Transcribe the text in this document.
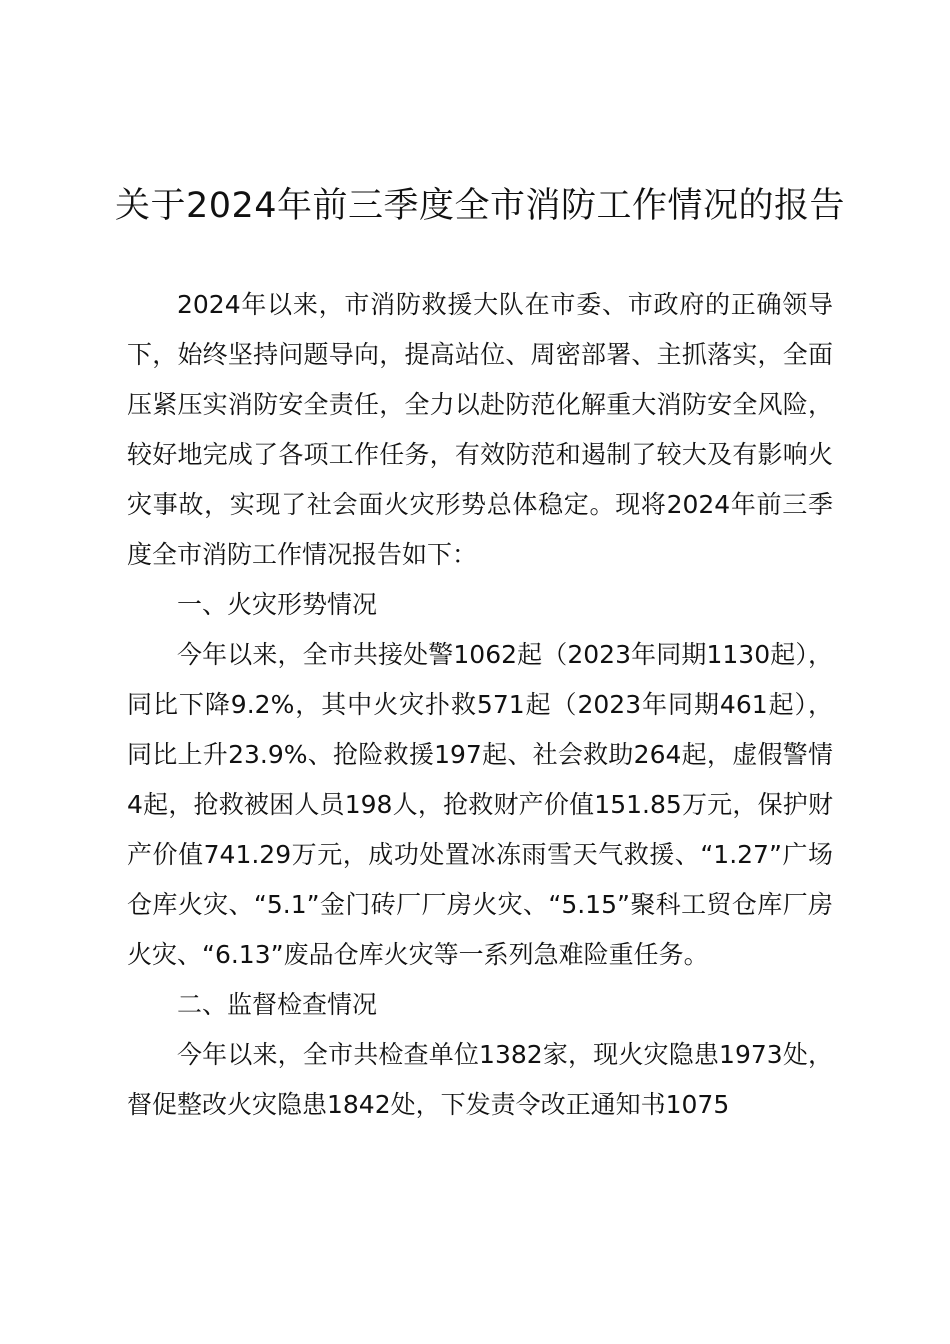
关于2024年前三季度全市消防工作情况的报告

2024年以来，市消防救援大队在市委、市政府的正确领导下，始终坚持问题导向，提高站位、周密部署、主抓落实，全面压紧压实消防安全责任，全力以赴防范化解重大消防安全风险，较好地完成了各项工作任务，有效防范和遏制了较大及有影响火灾事故，实现了社会面火灾形势总体稳定。现将2024年前三季度全市消防工作情况报告如下：

一、火灾形势情况

今年以来，全市共接处警1062起（2023年同期1130起），同比下降9.2%，其中火灾扑救571起（2023年同期461起），同比上升23.9%、抢险救援197起、社会救助264起，虚假警情4起，抢救被困人员198人，抢救财产价值151.85万元，保护财产价值741.29万元，成功处置冰冻雨雪天气救援、“1.27”广场仓库火灾、“5.1”金门砖厂厂房火灾、“5.15”聚科工贸仓库厂房火灾、“6.13”废品仓库火灾等一系列急难险重任务。

二、监督检查情况

今年以来，全市共检查单位1382家，现火灾隐患1973处，督促整改火灾隐患1842处，下发责令改正通知书1075
